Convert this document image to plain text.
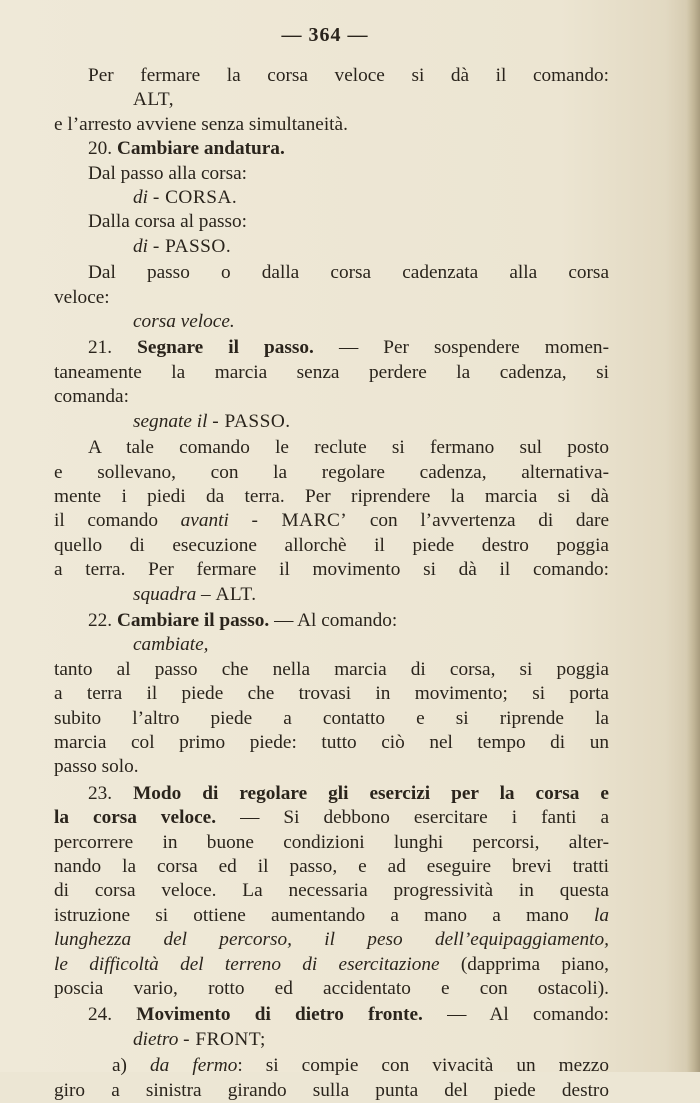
— 364 —

Per fermare la corsa veloce si dà il comando:

ALT,

e l’arresto avviene senza simultaneità.

20. Cambiare andatura.

Dal passo alla corsa:

di - CORSA.

Dalla corsa al passo:

di - PASSO.

Dal passo o dalla corsa cadenzata alla corsa

veloce:

corsa veloce.

21. Segnare il passo. — Per sospendere momen-

taneamente la marcia senza perdere la cadenza, si

comanda:

segnate il - PASSO.

A tale comando le reclute si fermano sul posto

e sollevano, con la regolare cadenza, alternativa-

mente i piedi da terra. Per riprendere la marcia si dà

il comando avanti - MARC’ con l’avvertenza di dare

quello di esecuzione allorchè il piede destro poggia

a terra. Per fermare il movimento si dà il comando:

squadra – ALT.

22. Cambiare il passo. — Al comando:

cambiate,

tanto al passo che nella marcia di corsa, si poggia

a terra il piede che trovasi in movimento; si porta

subito l’altro piede a contatto e si riprende la

marcia col primo piede: tutto ciò nel tempo di un

passo solo.

23. Modo di regolare gli esercizi per la corsa e

la corsa veloce. — Si debbono esercitare i fanti a

percorrere in buone condizioni lunghi percorsi, alter-

nando la corsa ed il passo, e ad eseguire brevi tratti

di corsa veloce. La necessaria progressività in questa

istruzione si ottiene aumentando a mano a mano la

lunghezza del percorso, il peso dell’equipaggiamento,

le difficoltà del terreno di esercitazione (dapprima piano,

poscia vario, rotto ed accidentato e con ostacoli).

24. Movimento di dietro fronte. — Al comando:

dietro - FRONT;

a) da fermo: si compie con vivacità un mezzo

giro a sinistra girando sulla punta del piede destro
